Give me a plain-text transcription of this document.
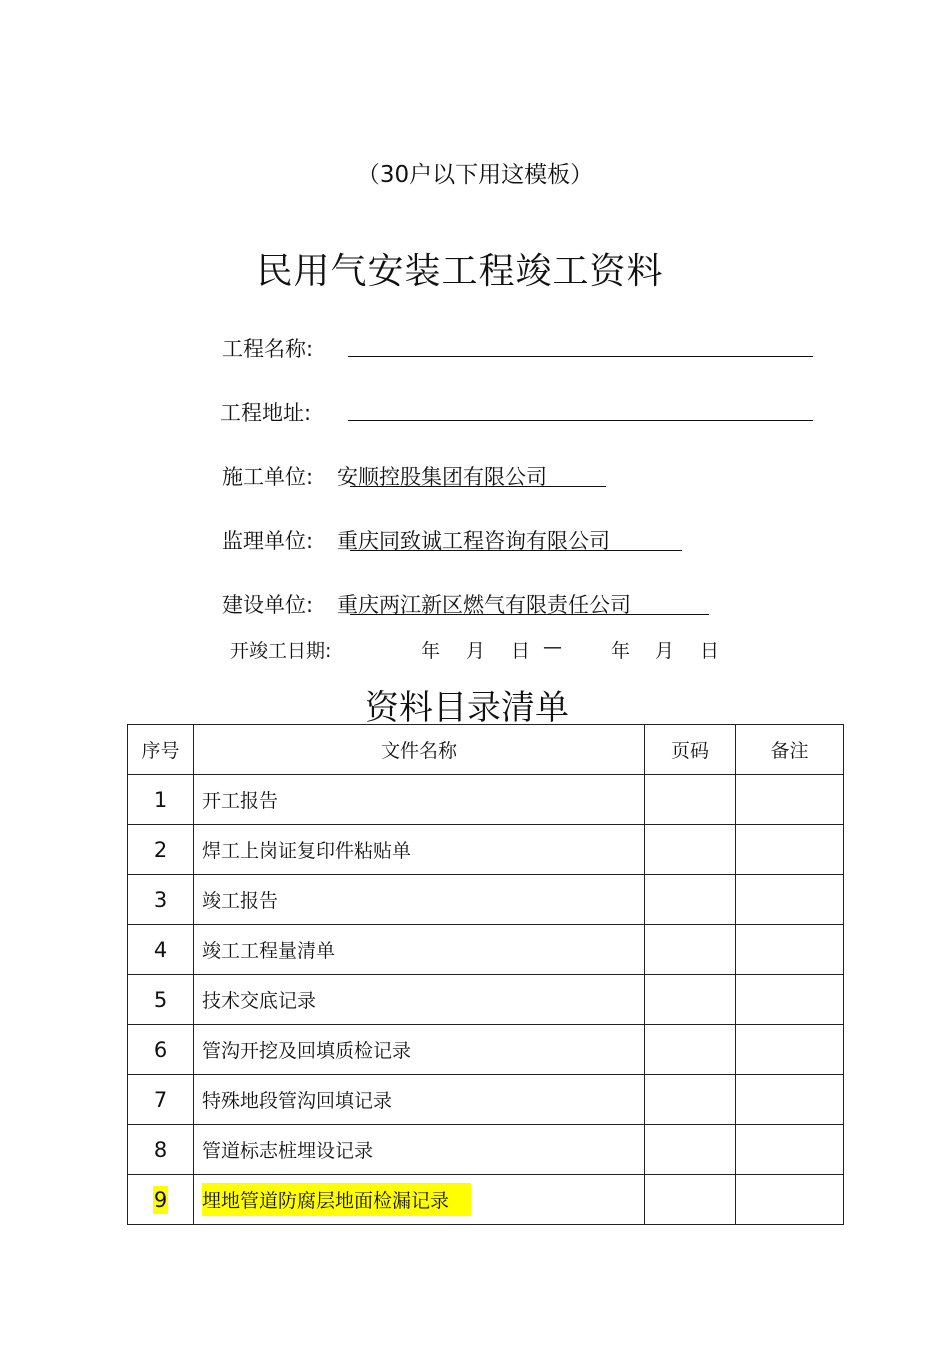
（30户以下用这模板）
民用气安装工程竣工资料
工程名称:
工程地址:
施工单位: 安顺控股集团有限公司
监理单位: 重庆同致诚工程咨询有限公司
建设单位: 重庆两江新区燃气有限责任公司
开竣工日期:	年 月 日 —	年 月 日
资料目录清单
序号	文件名称	页码	备注
1	开工报告		
2	焊工上岗证复印件粘贴单		
3	竣工报告		
4	竣工工程量清单		
5	技术交底记录		
6	管沟开挖及回填质检记录		
7	特殊地段管沟回填记录		
8	管道标志桩埋设记录		
9	埋地管道防腐层地面检漏记录		
